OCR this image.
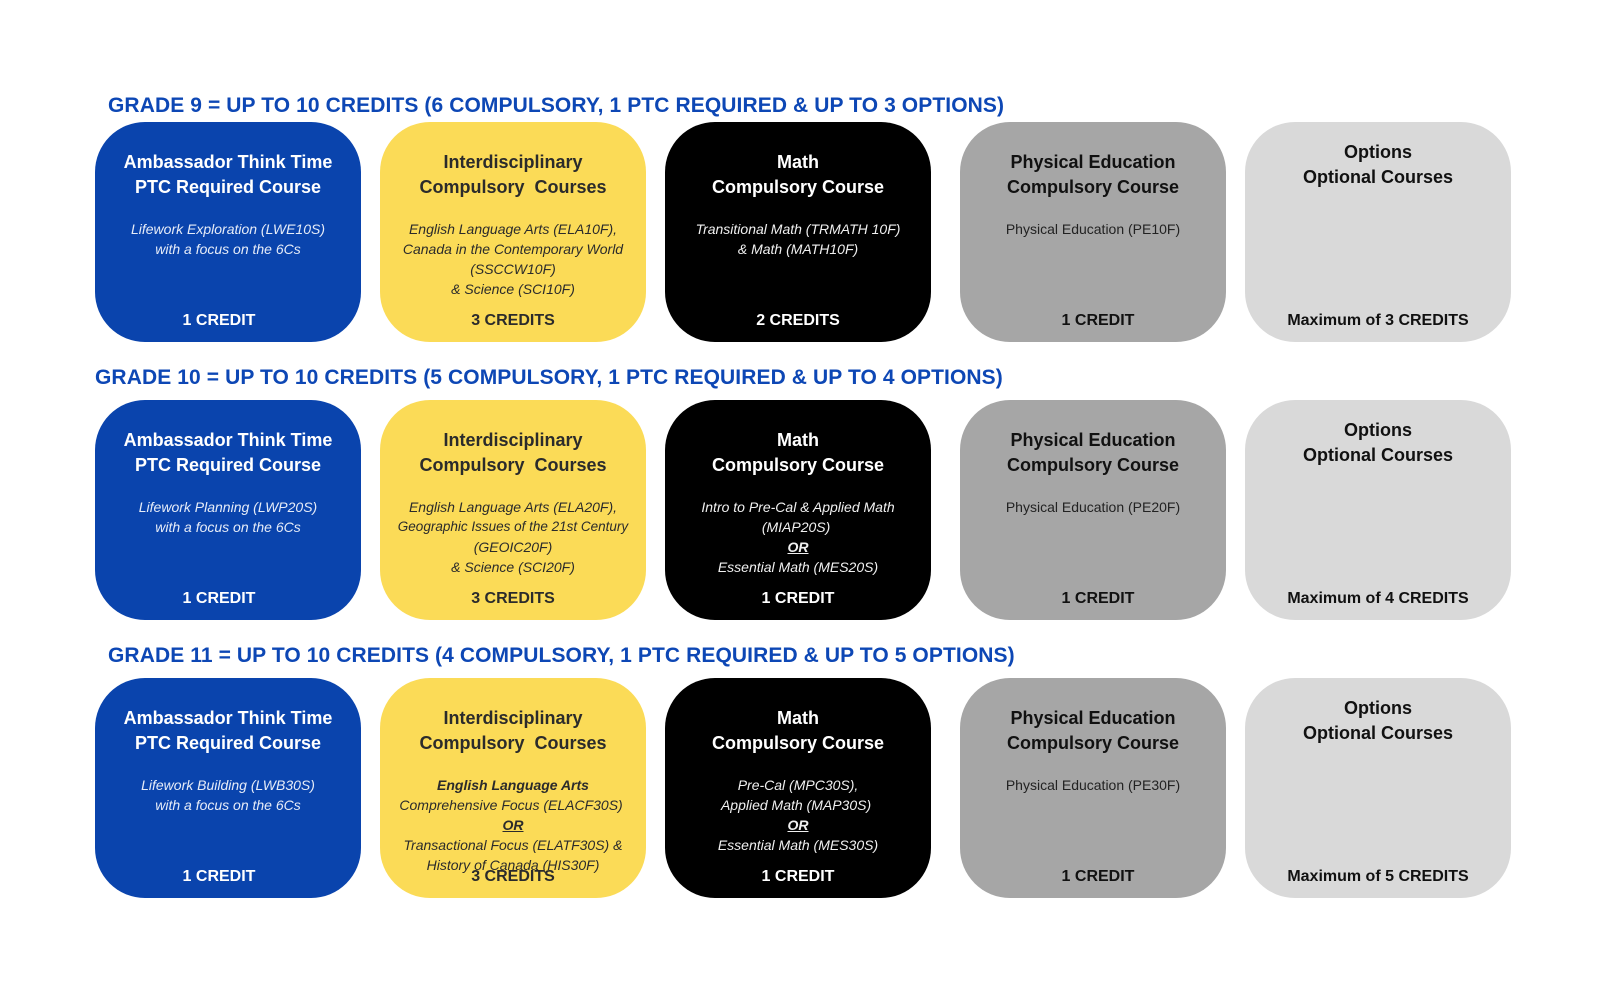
GRADE 9 = UP TO 10 CREDITS (6 COMPULSORY, 1 PTC REQUIRED & UP TO 3 OPTIONS)
Ambassador Think Time
PTC Required Course
Lifework Exploration (LWE10S)
with a focus on the 6Cs
1 CREDIT
Interdisciplinary
Compulsory  Courses
English Language Arts (ELA10F),
Canada in the Contemporary World
(SSCCW10F)
& Science (SCI10F)
3 CREDITS
Math
Compulsory Course
Transitional Math (TRMATH 10F)
& Math (MATH10F)
2 CREDITS
Physical Education
Compulsory Course
Physical Education (PE10F)
1 CREDIT
Options
Optional Courses
Maximum of 3 CREDITS
GRADE 10 = UP TO 10 CREDITS (5 COMPULSORY, 1 PTC REQUIRED & UP TO 4 OPTIONS)
Ambassador Think Time
PTC Required Course
Lifework Planning (LWP20S)
with a focus on the 6Cs
1 CREDIT
Interdisciplinary
Compulsory  Courses
English Language Arts (ELA20F),
Geographic Issues of the 21st Century
(GEOIC20F)
& Science (SCI20F)
3 CREDITS
Math
Compulsory Course
Intro to Pre-Cal & Applied Math
(MIAP20S)
OR
Essential Math (MES20S)
1 CREDIT
Physical Education
Compulsory Course
Physical Education (PE20F)
1 CREDIT
Options
Optional Courses
Maximum of 4 CREDITS
GRADE 11 = UP TO 10 CREDITS (4 COMPULSORY, 1 PTC REQUIRED & UP TO 5 OPTIONS)
Ambassador Think Time
PTC Required Course
Lifework Building (LWB30S)
with a focus on the 6Cs
1 CREDIT
Interdisciplinary
Compulsory  Courses
English Language Arts
Comprehensive Focus (ELACF30S)
OR
Transactional Focus (ELATF30S) &
History of Canada (HIS30F)
3 CREDITS
Math
Compulsory Course
Pre-Cal (MPC30S),
Applied Math (MAP30S)
OR
Essential Math (MES30S)
1 CREDIT
Physical Education
Compulsory Course
Physical Education (PE30F)
1 CREDIT
Options
Optional Courses
Maximum of 5 CREDITS
